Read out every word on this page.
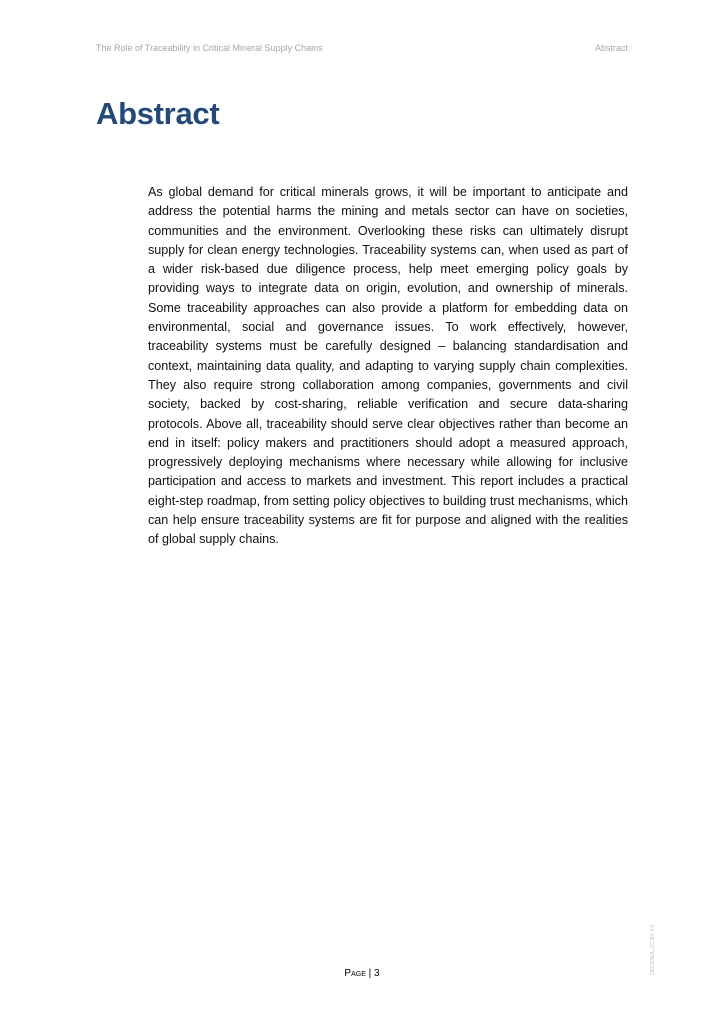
The Role of Traceability in Critical Mineral Supply Chains	Abstract
Abstract

As global demand for critical minerals grows, it will be important to anticipate and address the potential harms the mining and metals sector can have on societies, communities and the environment. Overlooking these risks can ultimately disrupt supply for clean energy technologies. Traceability systems can, when used as part of a wider risk-based due diligence process, help meet emerging policy goals by providing ways to integrate data on origin, evolution, and ownership of minerals. Some traceability approaches can also provide a platform for embedding data on environmental, social and governance issues. To work effectively, however, traceability systems must be carefully designed – balancing standardisation and context, maintaining data quality, and adapting to varying supply chain complexities. They also require strong collaboration among companies, governments and civil society, backed by cost-sharing, reliable verification and secure data-sharing protocols. Above all, traceability should serve clear objectives rather than become an end in itself: policy makers and practitioners should adopt a measured approach, progressively deploying mechanisms where necessary while allowing for inclusive participation and access to markets and investment. This report includes a practical eight-step roadmap, from setting policy objectives to building trust mechanisms, which can help ensure traceability systems are fit for purpose and aligned with the realities of global supply chains.

OECD/IEA, CC BY 4.0
Page | 3
